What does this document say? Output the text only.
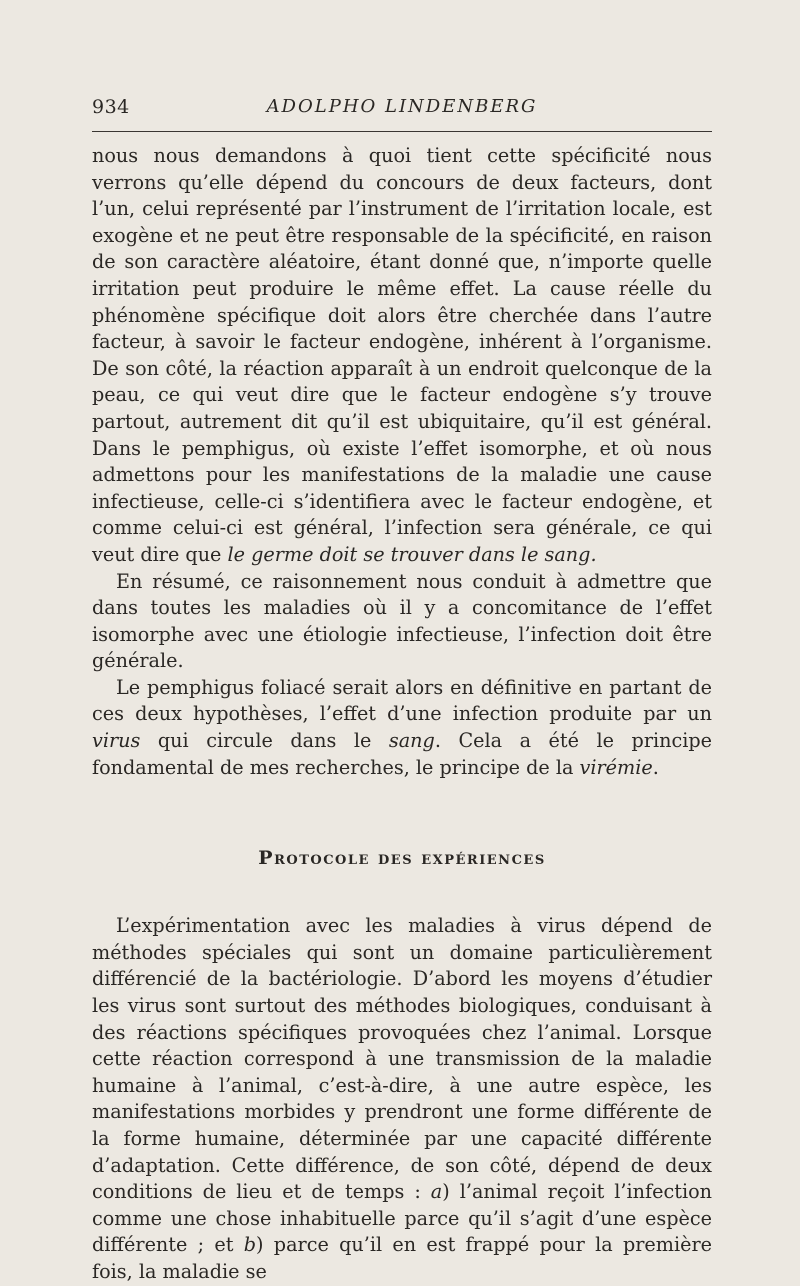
934	ADOLPHO LINDENBERG

nous nous demandons à quoi tient cette spécificité nous verrons qu’elle dépend du concours de deux facteurs, dont l’un, celui représenté par l’instrument de l’irritation locale, est exogène et ne peut être responsable de la spécificité, en raison de son caractère aléatoire, étant donné que, n’importe quelle irritation peut produire le même effet. La cause réelle du phénomène spécifique doit alors être cherchée dans l’autre facteur, à savoir le facteur endogène, inhérent à l’organisme. De son côté, la réaction apparaît à un endroit quelconque de la peau, ce qui veut dire que le facteur endogène s’y trouve partout, autrement dit qu’il est ubiquitaire, qu’il est général. Dans le pemphigus, où existe l’effet isomorphe, et où nous admettons pour les manifestations de la maladie une cause infectieuse, celle-ci s’identifiera avec le facteur endogène, et comme celui-ci est général, l’infection sera générale, ce qui veut dire que le germe doit se trouver dans le sang.

En résumé, ce raisonnement nous conduit à admettre que dans toutes les maladies où il y a concomitance de l’effet isomorphe avec une étiologie infectieuse, l’infection doit être générale.

Le pemphigus foliacé serait alors en définitive en partant de ces deux hypothèses, l’effet d’une infection produite par un virus qui circule dans le sang. Cela a été le principe fondamental de mes recherches, le principe de la virémie.

Protocole des expériences

L’expérimentation avec les maladies à virus dépend de méthodes spéciales qui sont un domaine particulièrement différencié de la bactériologie. D’abord les moyens d’étudier les virus sont surtout des méthodes biologiques, conduisant à des réactions spécifiques provoquées chez l’animal. Lorsque cette réaction correspond à une transmission de la maladie humaine à l’animal, c’est-à-dire, à une autre espèce, les manifestations morbides y prendront une forme différente de la forme humaine, déterminée par une capacité différente d’adaptation. Cette différence, de son côté, dépend de deux conditions de lieu et de temps : a) l’animal reçoit l’infection comme une chose inhabituelle parce qu’il s’agit d’une espèce différente ; et b) parce qu’il en est frappé pour la première fois, la maladie se
